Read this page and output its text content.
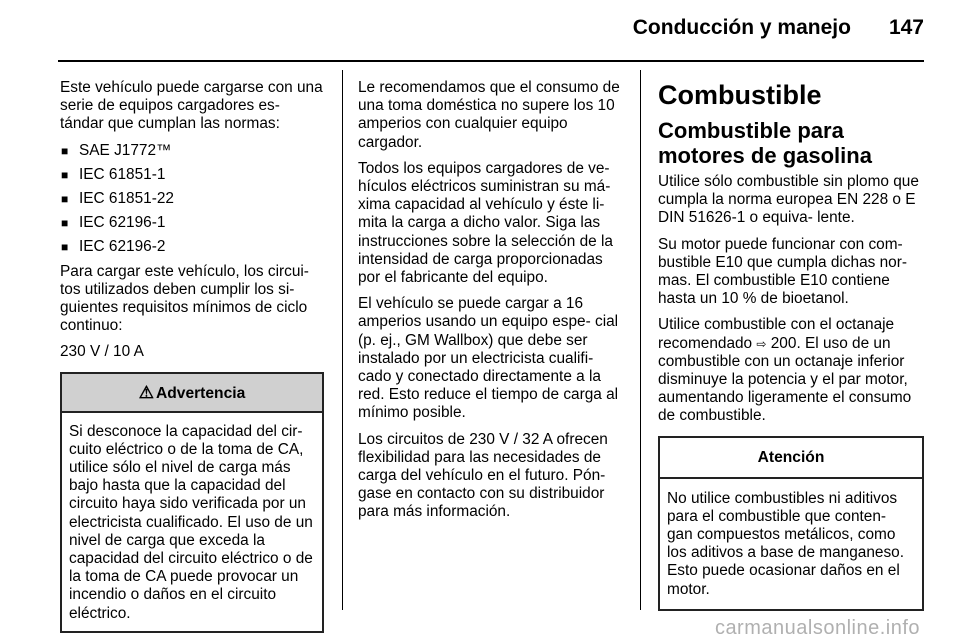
Conducción y manejo 147

Este vehículo puede cargarse con una serie de equipos cargadores es- tándar que cumplan las normas:

■ SAE J1772™
■ IEC 61851-1
■ IEC 61851-22
■ IEC 62196-1
■ IEC 62196-2

Para cargar este vehículo, los circui- tos utilizados deben cumplir los si- guientes requisitos mínimos de ciclo continuo:

230 V / 10 A

⚠ Advertencia
Si desconoce la capacidad del cir- cuito eléctrico o de la toma de CA, utilice sólo el nivel de carga más bajo hasta que la capacidad del circuito haya sido verificada por un electricista cualificado. El uso de un nivel de carga que exceda la capacidad del circuito eléctrico o de la toma de CA puede provocar un incendio o daños en el circuito eléctrico.

Le recomendamos que el consumo de una toma doméstica no supere los 10 amperios con cualquier equipo cargador.

Todos los equipos cargadores de ve- hículos eléctricos suministran su má- xima capacidad al vehículo y éste li- mita la carga a dicho valor. Siga las instrucciones sobre la selección de la intensidad de carga proporcionadas por el fabricante del equipo.

El vehículo se puede cargar a 16 amperios usando un equipo espe- cial (p. ej., GM Wallbox) que debe ser instalado por un electricista cualifi- cado y conectado directamente a la red. Esto reduce el tiempo de carga al mínimo posible.

Los circuitos de 230 V / 32 A ofrecen flexibilidad para las necesidades de carga del vehículo en el futuro. Pón- gase en contacto con su distribuidor para más información.

Combustible
Combustible para motores de gasolina

Utilice sólo combustible sin plomo que cumpla la norma europea EN 228 o E DIN 51626-1 o equiva- lente.

Su motor puede funcionar con com- bustible E10 que cumpla dichas nor- mas. El combustible E10 contiene hasta un 10 % de bioetanol.

Utilice combustible con el octanaje recomendado ⇨ 200. El uso de un combustible con un octanaje inferior disminuye la potencia y el par motor, aumentando ligeramente el consumo de combustible.

Atención
No utilice combustibles ni aditivos para el combustible que conten- gan compuestos metálicos, como los aditivos a base de manganeso. Esto puede ocasionar daños en el motor.
carmanualsonline.info
